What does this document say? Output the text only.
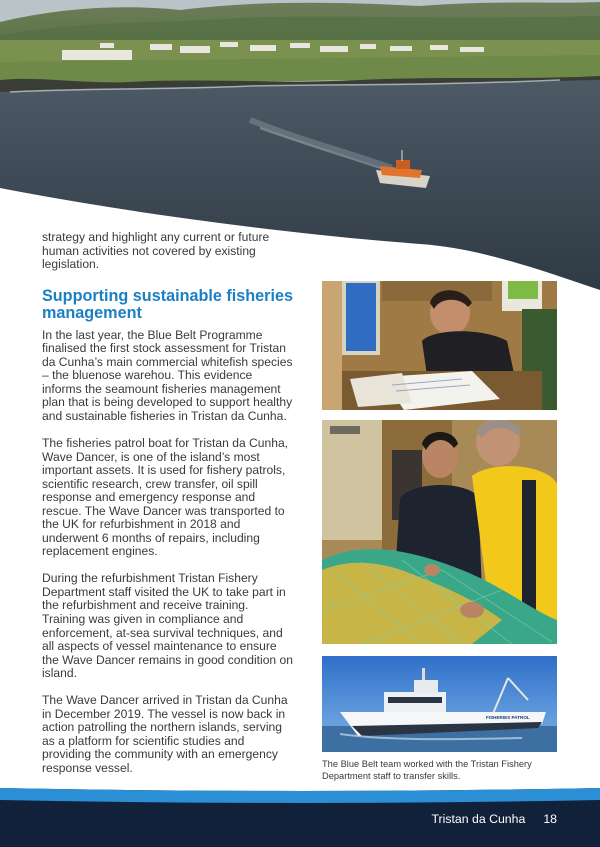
strategy and highlight any current or future human activities not covered by existing legislation.

Supporting sustainable fisheries management

In the last year, the Blue Belt Programme finalised the first stock assessment for Tristan da Cunha’s main commercial whitefish species – the bluenose warehou. This evidence informs the seamount fisheries management plan that is being developed to support healthy and sustainable fisheries in Tristan da Cunha.

The fisheries patrol boat for Tristan da Cunha, Wave Dancer, is one of the island’s most important assets. It is used for fishery patrols, scientific research, crew transfer, oil spill response and emergency response and rescue. The Wave Dancer was transported to the UK for refurbishment in 2018 and underwent 6 months of repairs, including replacement engines.

During the refurbishment Tristan Fishery Department staff visited the UK to take part in the refurbishment and receive training. Training was given in compliance and enforcement, at-sea survival techniques, and all aspects of vessel maintenance to ensure the Wave Dancer remains in good condition on island.

The Wave Dancer arrived in Tristan da Cunha in December 2019. The vessel is now back in action patrolling the northern islands, serving as a platform for scientific studies and providing the community with an emergency response vessel.

FISHERIES PATROL
The Blue Belt team worked with the Tristan Fishery Department staff to transfer skills.
Tristan da Cunha 18
